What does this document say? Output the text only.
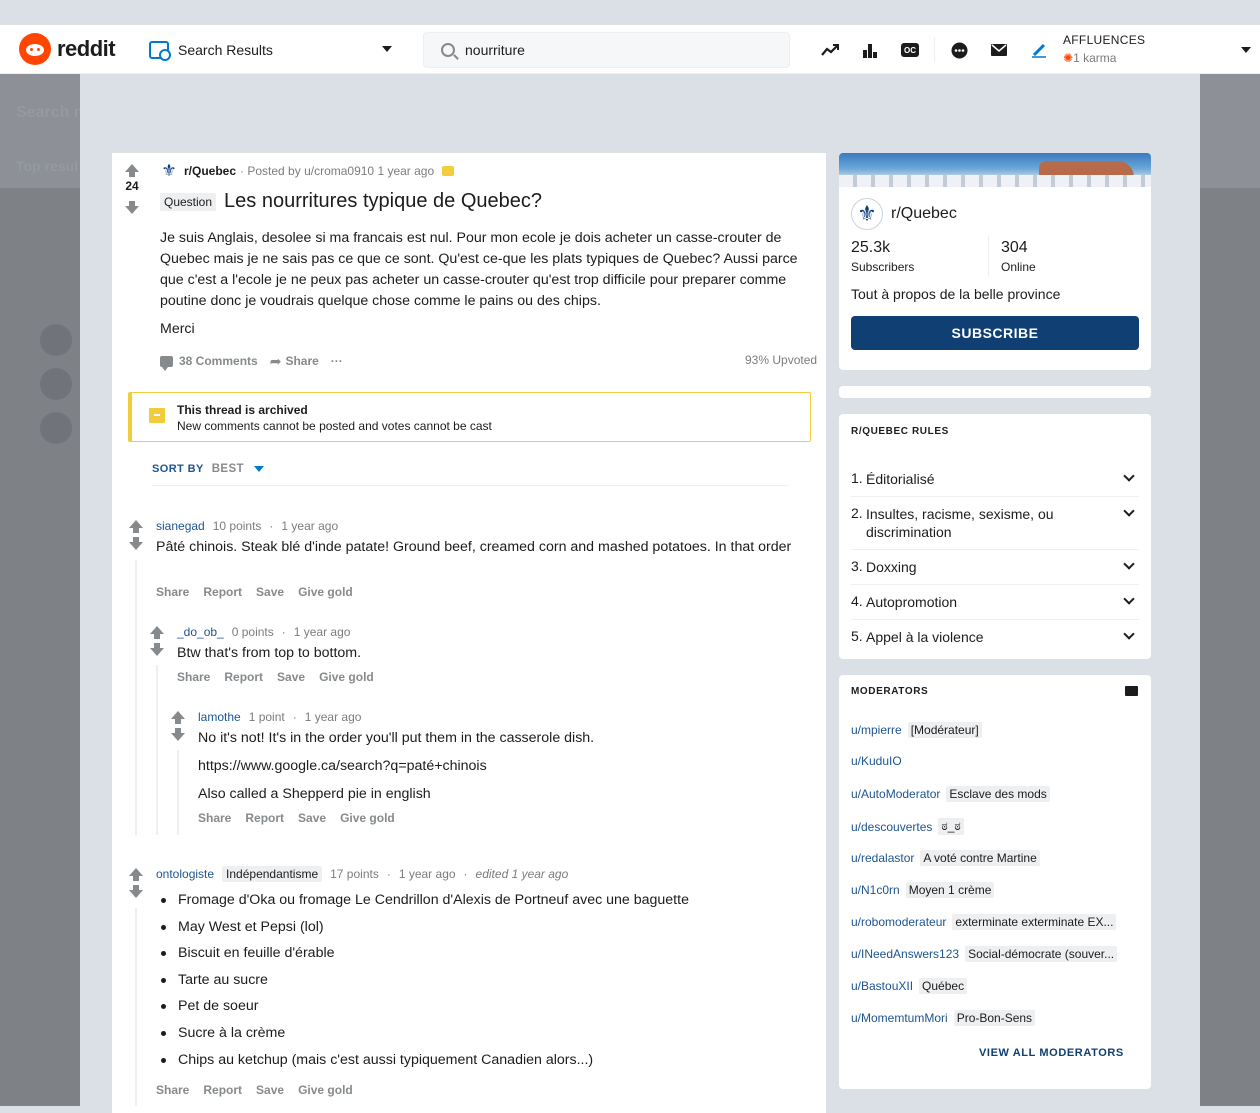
reddit	Search Results
nourriture	OC
AFFLUENCES
✺1 karma
Search r
Top resul
24
⚜ r/Quebec · Posted by u/croma0910 1 year ago
Question Les nourritures typique de Quebec?

Je suis Anglais, desolee si ma francais est nul. Pour mon ecole je dois acheter un casse-crouter de Quebec mais je ne sais pas ce que ce sont. Qu'est ce-que les plats typiques de Quebec? Aussi parce que c'est a l'ecole je ne peux pas acheter un casse-crouter qu'est trop difficile pour preparer comme poutine donc je voudrais quelque chose comme le pains ou des chips.

Merci

38 Comments ➦ Share ···	93% Upvoted
This thread is archived
New comments cannot be posted and votes cannot be cast
SORT BY BEST
sianegad 10 points · 1 year ago
Pâté chinois. Steak blé d'inde patate! Ground beef, creamed corn and mashed potatoes. In that order
Share Report Save Give gold
_do_ob_ 0 points · 1 year ago
Btw that's from top to bottom.
Share Report Save Give gold
lamothe 1 point · 1 year ago
No it's not! It's in the order you'll put them in the casserole dish.
https://www.google.ca/search?q=paté+chinois
Also called a Shepperd pie in english
Share Report Save Give gold
ontologiste	Indépendantisme	17 points · 1 year ago · edited 1 year ago
Fromage d'Oka ou fromage Le Cendrillon d'Alexis de Portneuf avec une baguette
May West et Pepsi (lol)
Biscuit en feuille d'érable
Tarte au sucre
Pet de soeur
Sucre à la crème
Chips au ketchup (mais c'est aussi typiquement Canadien alors...)
Share Report Save Give gold
⚜ r/Quebec
25.3k
Subscribers
304
Online
Tout à propos de la belle province
SUBSCRIBE
R/QUEBEC RULES
1. Éditorialisé
2. Insultes, racisme, sexisme, ou discrimination
3. Doxxing
4. Autopromotion
5. Appel à la violence
MODERATORS
u/mpierre [Modérateur]
u/KuduIO
u/AutoModerator Esclave des mods
u/descouvertes ಠ_ಠ
u/redalastor A voté contre Martine
u/N1c0rn Moyen 1 crème
u/robomoderateur exterminate exterminate EX...
u/INeedAnswers123 Social-démocrate (souver...
u/BastouXII Québec
u/MomemtumMori Pro-Bon-Sens
VIEW ALL MODERATORS
